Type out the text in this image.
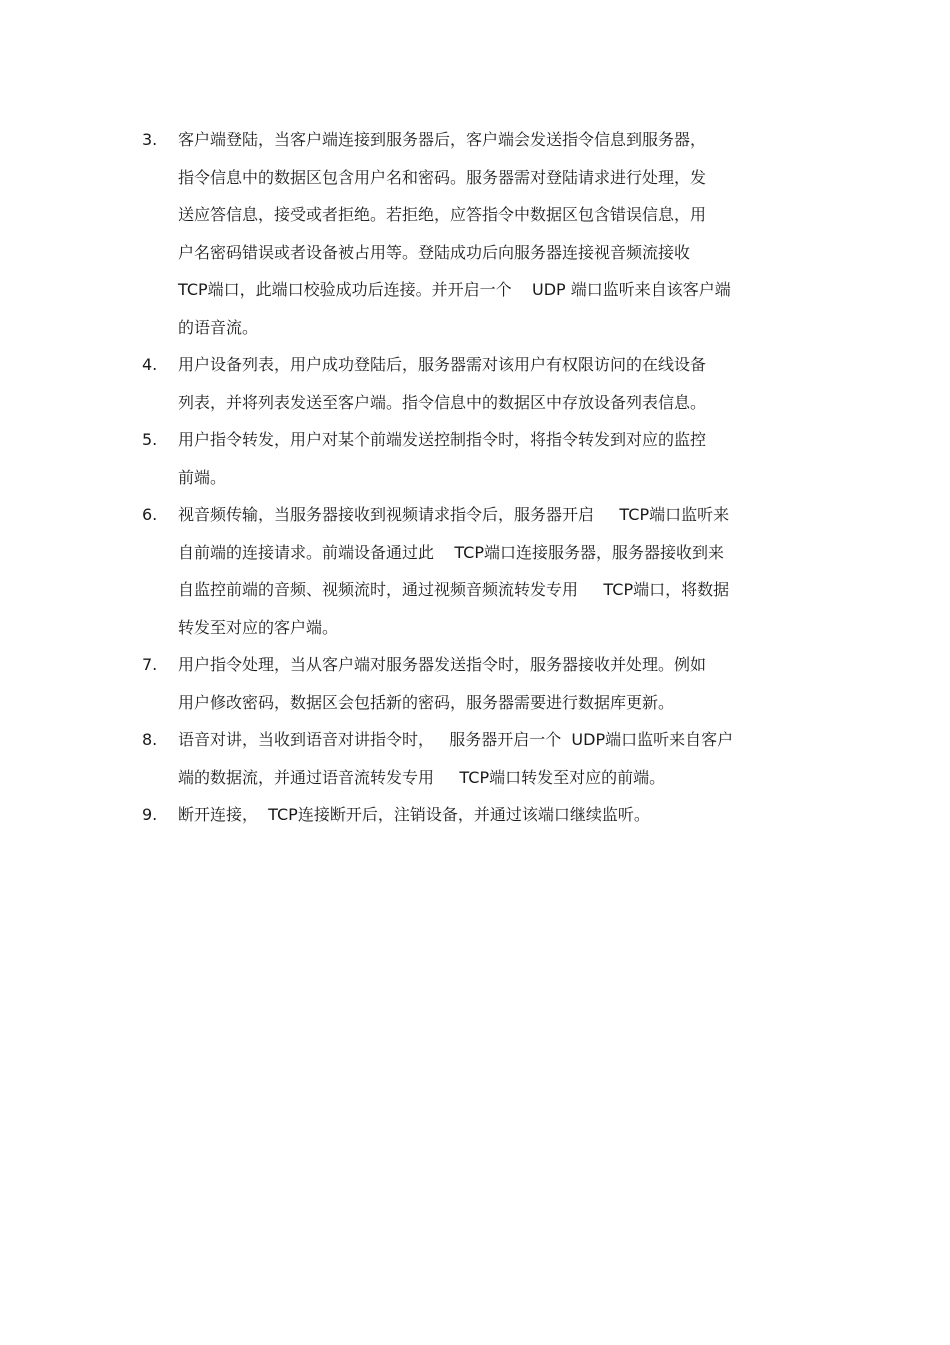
3.	客户端登陆，当客户端连接到服务器后，客户端会发送指令信息到服务器，
指令信息中的数据区包含用户名和密码。服务器需对登陆请求进行处理，发
送应答信息，接受或者拒绝。若拒绝，应答指令中数据区包含错误信息，用
户名密码错误或者设备被占用等。登陆成功后向服务器连接视音频流接收
TCP端口，此端口校验成功后连接。并开启一个    UDP 端口监听来自该客户端
的语音流。
4.	用户设备列表，用户成功登陆后，服务器需对该用户有权限访问的在线设备
列表，并将列表发送至客户端。指令信息中的数据区中存放设备列表信息。
5.	用户指令转发，用户对某个前端发送控制指令时，将指令转发到对应的监控
前端。
6.	视音频传输，当服务器接收到视频请求指令后，服务器开启     TCP端口监听来
自前端的连接请求。前端设备通过此    TCP端口连接服务器，服务器接收到来
自监控前端的音频、视频流时，通过视频音频流转发专用     TCP端口，将数据
转发至对应的客户端。
7.	用户指令处理，当从客户端对服务器发送指令时，服务器接收并处理。例如
用户修改密码，数据区会包括新的密码，服务器需要进行数据库更新。
8.	语音对讲，当收到语音对讲指令时，   服务器开启一个  UDP端口监听来自客户
端的数据流，并通过语音流转发专用     TCP端口转发至对应的前端。
9.	断开连接，  TCP连接断开后，注销设备，并通过该端口继续监听。
